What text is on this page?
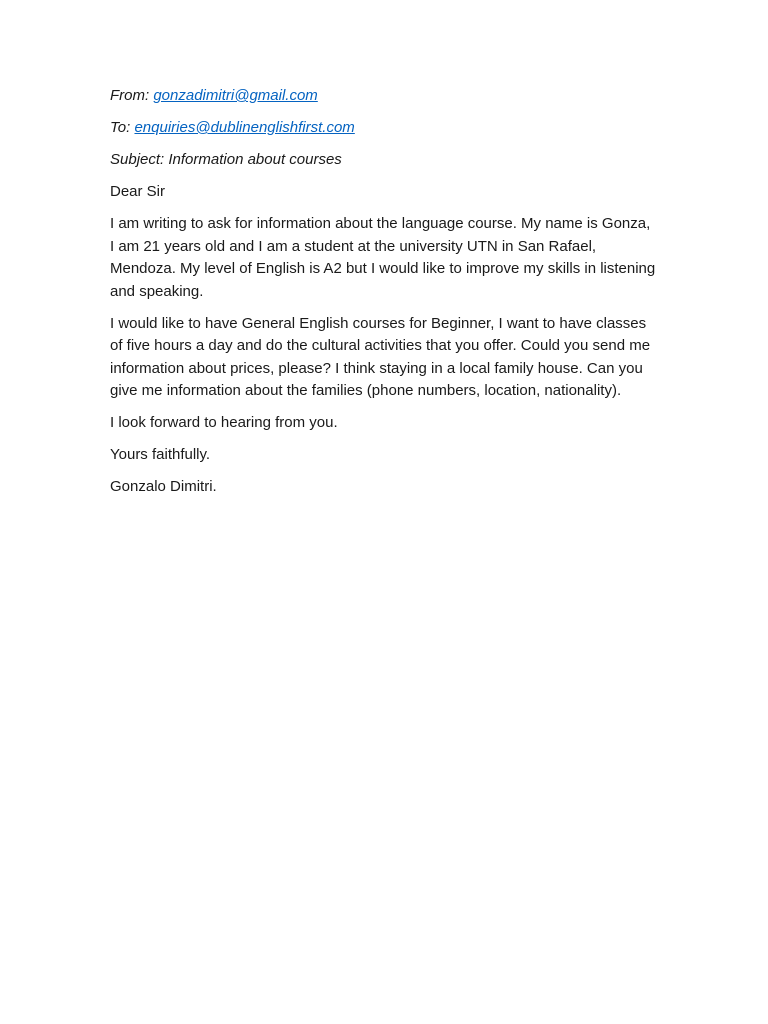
From: gonzadimitri@gmail.com
To: enquiries@dublinenglishfirst.com
Subject: Information about courses

Dear Sir

I am writing to ask for information about the language course. My name is Gonza, I am 21 years old and I am a student at the university UTN in San Rafael, Mendoza. My level of English is A2 but I would like to improve my skills in listening and speaking.

I would like to have General English courses for Beginner, I want to have classes of five hours a day and do the cultural activities that you offer. Could you send me information about prices, please? I think staying in a local family house. Can you give me information about the families (phone numbers, location, nationality).

I look forward to hearing from you.

Yours faithfully.

Gonzalo Dimitri.
